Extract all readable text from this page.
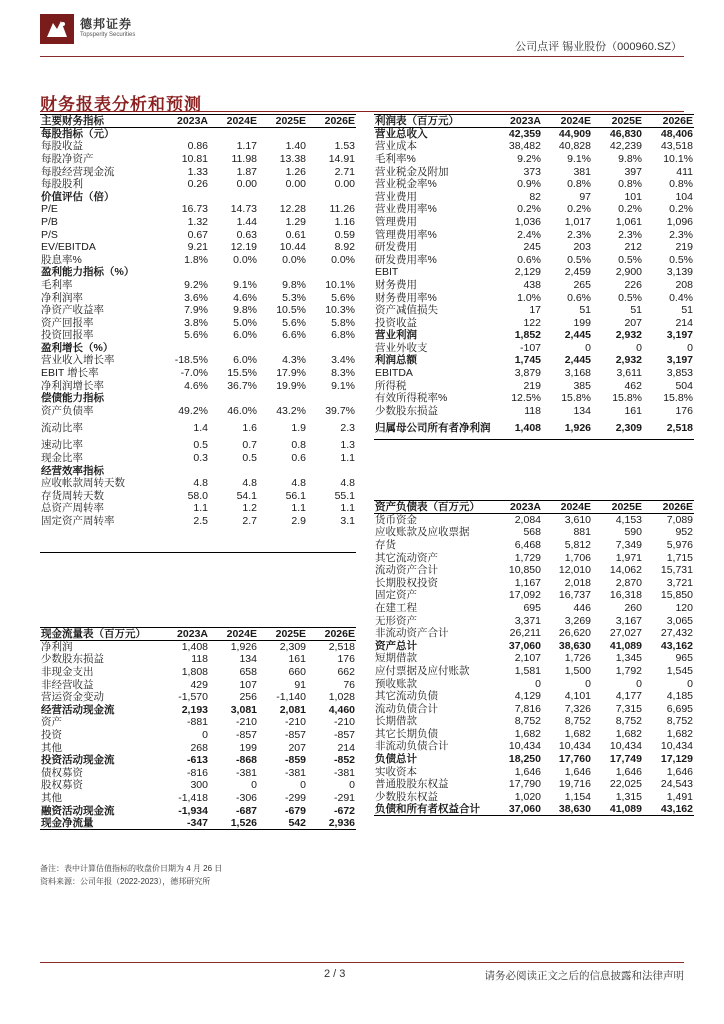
德邦证券
Topsperity Securities
公司点评 锡业股份（000960.SZ）
财务报表分析和预测
主要财务指标	2023A	2024E	2025E	2026E
每股指标（元）				
每股收益	0.86	1.17	1.40	1.53
每股净资产	10.81	11.98	13.38	14.91
每股经营现金流	1.33	1.87	1.26	2.71
每股股利	0.26	0.00	0.00	0.00
价值评估（倍）				
P/E	16.73	14.73	12.28	11.26
P/B	1.32	1.44	1.29	1.16
P/S	0.67	0.63	0.61	0.59
EV/EBITDA	9.21	12.19	10.44	8.92
股息率%	1.8%	0.0%	0.0%	0.0%
盈利能力指标（%）				
毛利率	9.2%	9.1%	9.8%	10.1%
净利润率	3.6%	4.6%	5.3%	5.6%
净资产收益率	7.9%	9.8%	10.5%	10.3%
资产回报率	3.8%	5.0%	5.6%	5.8%
投资回报率	5.6%	6.0%	6.6%	6.8%
盈利增长（%）				
营业收入增长率	-18.5%	6.0%	4.3%	3.4%
EBIT 增长率	-7.0%	15.5%	17.9%	8.3%
净利润增长率	4.6%	36.7%	19.9%	9.1%
偿债能力指标				
资产负债率	49.2%	46.0%	43.2%	39.7%
流动比率	1.4	1.6	1.9	2.3
速动比率	0.5	0.7	0.8	1.3
现金比率	0.3	0.5	0.6	1.1
经营效率指标				
应收帐款周转天数	4.8	4.8	4.8	4.8
存货周转天数	58.0	54.1	56.1	55.1
总资产周转率	1.1	1.2	1.1	1.1
固定资产周转率	2.5	2.7	2.9	3.1

利润表（百万元）	2023A	2024E	2025E	2026E
营业总收入	42,359	44,909	46,830	48,406
营业成本	38,482	40,828	42,239	43,518
毛利率%	9.2%	9.1%	9.8%	10.1%
营业税金及附加	373	381	397	411
营业税金率%	0.9%	0.8%	0.8%	0.8%
营业费用	82	97	101	104
营业费用率%	0.2%	0.2%	0.2%	0.2%
管理费用	1,036	1,017	1,061	1,096
管理费用率%	2.4%	2.3%	2.3%	2.3%
研发费用	245	203	212	219
研发费用率%	0.6%	0.5%	0.5%	0.5%
EBIT	2,129	2,459	2,900	3,139
财务费用	438	265	226	208
财务费用率%	1.0%	0.6%	0.5%	0.4%
资产减值损失	17	51	51	51
投资收益	122	199	207	214
营业利润	1,852	2,445	2,932	3,197
营业外收支	-107	0	0	0
利润总额	1,745	2,445	2,932	3,197
EBITDA	3,879	3,168	3,611	3,853
所得税	219	385	462	504
有效所得税率%	12.5%	15.8%	15.8%	15.8%
少数股东损益	118	134	161	176
归属母公司所有者净利润	1,408	1,926	2,309	2,518
现金流量表（百万元）	2023A	2024E	2025E	2026E
净利润	1,408	1,926	2,309	2,518
少数股东损益	118	134	161	176
非现金支出	1,808	658	660	662
非经营收益	429	107	91	76
营运资金变动	-1,570	256	-1,140	1,028
经营活动现金流	2,193	3,081	2,081	4,460
资产	-881	-210	-210	-210
投资	0	-857	-857	-857
其他	268	199	207	214
投资活动现金流	-613	-868	-859	-852
债权募资	-816	-381	-381	-381
股权募资	300	0	0	0
其他	-1,418	-306	-299	-291
融资活动现金流	-1,934	-687	-679	-672
现金净流量	-347	1,526	542	2,936
资产负债表（百万元）	2023A	2024E	2025E	2026E
货币资金	2,084	3,610	4,153	7,089
应收账款及应收票据	568	881	590	952
存货	6,468	5,812	7,349	5,976
其它流动资产	1,729	1,706	1,971	1,715
流动资产合计	10,850	12,010	14,062	15,731
长期股权投资	1,167	2,018	2,870	3,721
固定资产	17,092	16,737	16,318	15,850
在建工程	695	446	260	120
无形资产	3,371	3,269	3,167	3,065
非流动资产合计	26,211	26,620	27,027	27,432
资产总计	37,060	38,630	41,089	43,162
短期借款	2,107	1,726	1,345	965
应付票据及应付账款	1,581	1,500	1,792	1,545
预收账款	0	0	0	0
其它流动负债	4,129	4,101	4,177	4,185
流动负债合计	7,816	7,326	7,315	6,695
长期借款	8,752	8,752	8,752	8,752
其它长期负债	1,682	1,682	1,682	1,682
非流动负债合计	10,434	10,434	10,434	10,434
负债总计	18,250	17,760	17,749	17,129
实收资本	1,646	1,646	1,646	1,646
普通股股东权益	17,790	19,716	22,025	24,543
少数股东权益	1,020	1,154	1,315	1,491
负债和所有者权益合计	37,060	38,630	41,089	43,162
备注：表中计算估值指标的收盘价日期为 4 月 26 日
资料来源：公司年报（2022-2023），德邦研究所
2 / 3	请务必阅读正文之后的信息披露和法律声明
